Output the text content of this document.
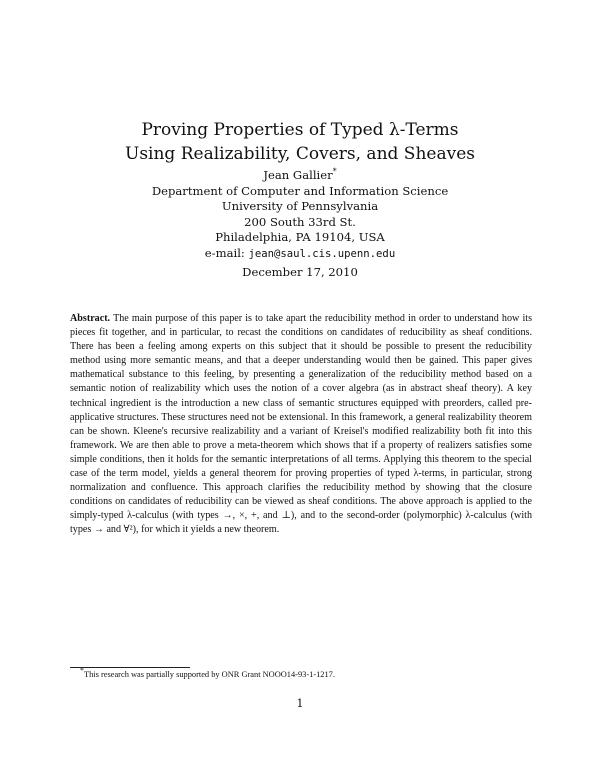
Proving Properties of Typed λ-Terms
Using Realizability, Covers, and Sheaves
Jean Gallier*
Department of Computer and Information Science
University of Pennsylvania
200 South 33rd St.
Philadelphia, PA 19104, USA
e-mail: jean@saul.cis.upenn.edu
December 17, 2010
Abstract. The main purpose of this paper is to take apart the reducibility method in order to understand how its pieces fit together, and in particular, to recast the conditions on candidates of reducibility as sheaf conditions. There has been a feeling among experts on this subject that it should be possible to present the reducibility method using more semantic means, and that a deeper understanding would then be gained. This paper gives mathematical substance to this feeling, by presenting a generalization of the reducibility method based on a semantic notion of realizability which uses the notion of a cover algebra (as in abstract sheaf theory). A key technical ingredient is the introduction a new class of semantic structures equipped with preorders, called pre-applicative structures. These structures need not be extensional. In this framework, a general realizability theorem can be shown. Kleene's recursive realizability and a variant of Kreisel's modified realizability both fit into this framework. We are then able to prove a meta-theorem which shows that if a property of realizers satisfies some simple conditions, then it holds for the semantic interpretations of all terms. Applying this theorem to the special case of the term model, yields a general theorem for proving properties of typed λ-terms, in particular, strong normalization and confluence. This approach clarifies the reducibility method by showing that the closure conditions on candidates of reducibility can be viewed as sheaf conditions. The above approach is applied to the simply-typed λ-calculus (with types →, ×, +, and ⊥), and to the second-order (polymorphic) λ-calculus (with types → and ∀²), for which it yields a new theorem.
*This research was partially supported by ONR Grant NOOO14-93-1-1217.
1
